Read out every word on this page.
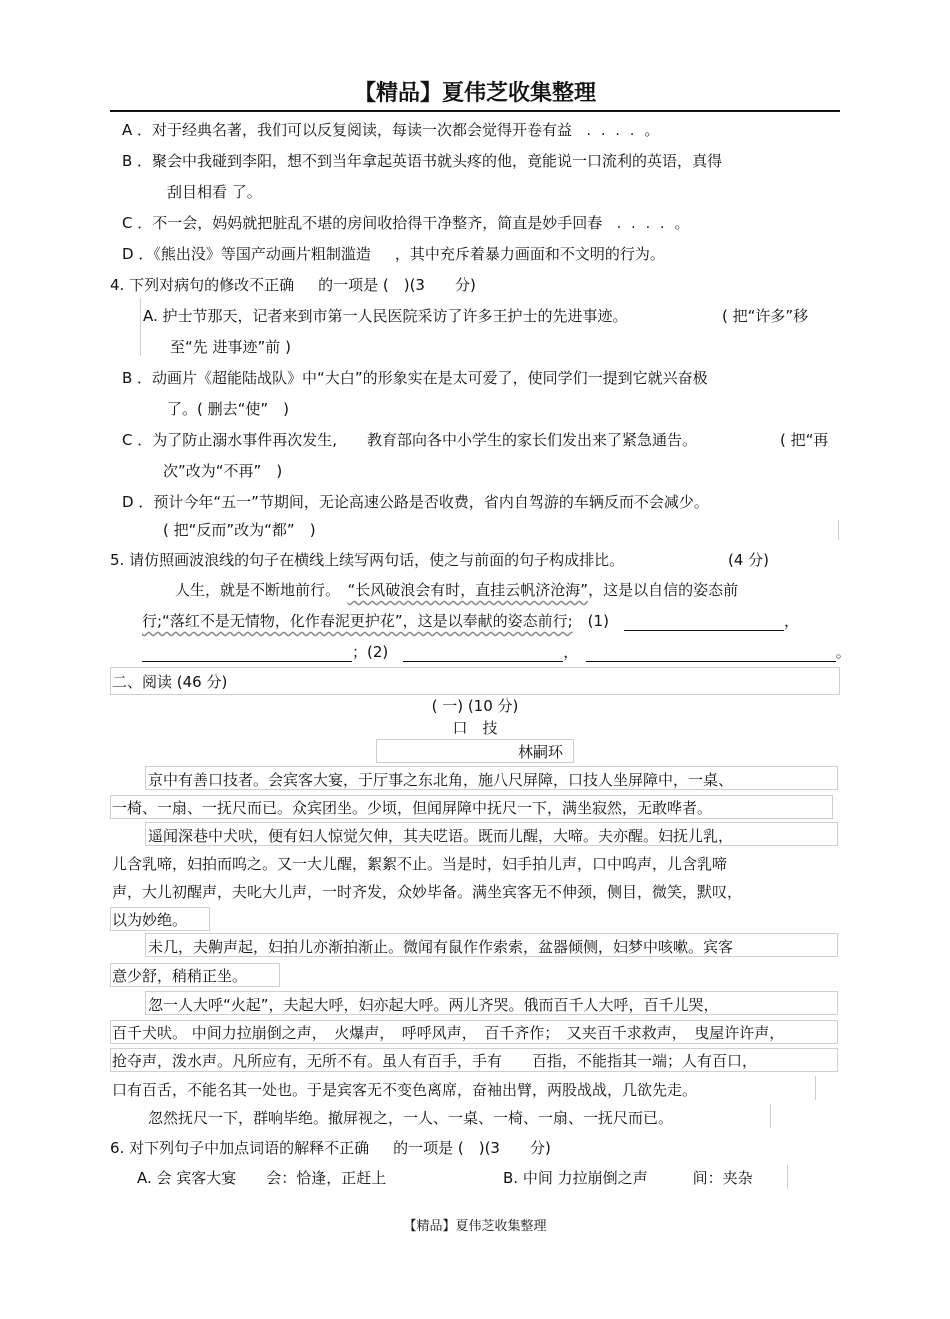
【精品】夏伟芝收集整理
A ．对于经典名著，我们可以反复阅读，每读一次都会觉得开卷有益 ....。
B ．聚会中我碰到李阳，想不到当年拿起英语书就头疼的他，竟能说一口流利的英语，真得
刮目相看 了。
C ．不一会，妈妈就把脏乱不堪的房间收拾得干净整齐，简直是妙手回春 ....。
D ．《熊出没》等国产动画片粗制滥造　 ，其中充斥着暴力画面和不文明的行为。
4. 下列对病句的修改不正确　 的一项是 (　)(3　　分)
A. 护士节那天，记者来到市第一人民医院采访了许多王护士的先进事迹。	( 把“许多”移
至“先 进事迹”前 )
B ．动画片《超能陆战队》中“大白”的形象实在是太可爱了，使同学们一提到它就兴奋极
了。( 删去“使”　)
C ．为了防止溺水事件再次发生,　　教育部向各中小学生的家长们发出来了紧急通告。	( 把“再
次”改为“不再”　)
D ．预计今年“五一”节期间，无论高速公路是否收费，省内自驾游的车辆反而不会减少。
( 把“反而”改为“都”　)
5. 请仿照画波浪线的句子在横线上续写两句话，使之与前面的句子构成排比。	(4 分)
人生，就是不断地前行。　 “长风破浪会有时，直挂云帆济沧海”，这是以自信的姿态前
行;“落红不是无情物，化作春泥更护花”，这是以奉献的姿态前行;　 (1)　	，
；(2)　	，　	。
二、阅读 (46 分)
( 一) (10 分)
口　技
林嗣环
京中有善口技者。会宾客大宴，于厅事之东北角，施八尺屏障，口技人坐屏障中，一桌、
一椅、一扇、一抚尺而已。众宾团坐。少顷，但闻屏障中抚尺一下，满坐寂然，无敢哗者。
遥闻深巷中犬吠，便有妇人惊觉欠伸，其夫呓语。既而儿醒，大啼。夫亦醒。妇抚儿乳，
儿含乳啼，妇拍而呜之。又一大儿醒，絮絮不止。当是时，妇手拍儿声，口中呜声，儿含乳啼
声，大儿初醒声，夫叱大儿声，一时齐发，众妙毕备。满坐宾客无不伸颈，侧目，微笑，默叹，
以为妙绝。
未几，夫齁声起，妇拍儿亦渐拍渐止。微闻有鼠作作索索，盆器倾侧，妇梦中咳嗽。宾客
意少舒，稍稍正坐。
忽一人大呼“火起”，夫起大呼，妇亦起大呼。两儿齐哭。俄而百千人大呼，百千儿哭，
百千犬吠。 中间力拉崩倒之声，　火爆声，　呼呼风声，　百千齐作；　又夹百千求救声，　曳屋许许声，
抢夺声，泼水声。凡所应有，无所不有。虽人有百手，手有　　百指，不能指其一端；人有百口，
口有百舌，不能名其一处也。于是宾客无不变色离席，奋袖出臂，两股战战，几欲先走。
忽然抚尺一下，群响毕绝。撤屏视之，一人、一桌、一椅、一扇、一抚尺而已。
6. 对下列句子中加点词语的解释不正确　 的一项是 (　)(3　　分)
A. 会 宾客大宴　　会：恰逢，正赶上	B. 中间 力拉崩倒之声　　　间：夹杂
【精品】夏伟芝收集整理
